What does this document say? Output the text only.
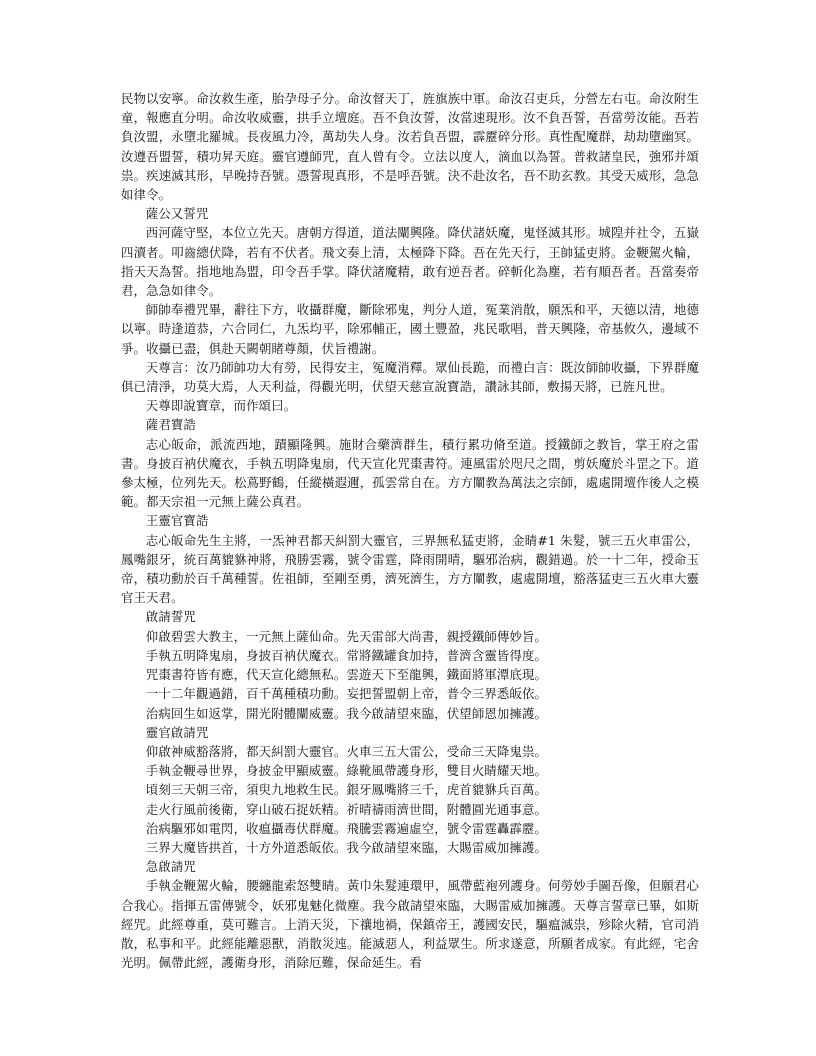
民物以安寧。命汝救生產，胎孕母子分。命汝督天丁，旌旗族中軍。命汝召吏兵，分營左右屯。命汝附生童，報應直分明。命汝收威靈，拱手立壇庭。吾不負汝誓，汝當速現形。汝不負吾誓，吾當勞汝能。吾若負汝盟，永墮北羅城。長夜風力冷，萬劫失人身。汝若負吾盟，霹靂碎分形。真性配魔群，劫劫墮幽冥。汝遵吾盟誓，積功昇天庭。靈官遵師咒，直人曾有令。立法以度人，滴血以為誓。普救諸皇民，強邪并頌祟。疾速滅其形，早晚持吾號。憑誓現真形，不是呼吾號。決不赴汝名，吾不助玄教。其受天威形，急急如律令。

薩公又誓咒

西河薩守堅，本位立先天。唐朝方得道，道法闡興隆。降伏諸妖魔，鬼怪滅其形。城隍并社令，五嶽四瀆者。叩齒總伏降，若有不伏者。飛文奏上清，太極降下降。吾在先天行，王帥猛吏將。金鞭駕火輪，指天天為誓。指地地為盟，印令吾手掌。降伏諸魔精，敢有逆吾者。碎斬化為塵，若有順吾者。吾當奏帝君，急急如律令。

師帥奉禮咒畢，辭往下方，收攝群魔，斷除邪鬼，判分人道，冤業消散，願炁和平，天德以清，地德以寧。時逢道恭，六合同仁，九炁均平，除邪輔正，國土豐盈，兆民歌唱，普天興隆，帝基攸久，邊域不爭。收攝已盡，俱赴天闕朝睹尊顏，伏旨禮謝。

天尊言：汝乃師帥功大有勞，民得安主，冤魔消釋。眾仙長跪，而禮白言：既汝師帥收攝，下界群魔俱已清淨，功莫大焉，人天利益，得觀光明，伏望天慈宣說寶誥，讚詠其師，敷揚天將，已旌凡世。

天尊即說寶章，而作頌曰。

薩君寶誥

志心皈命，派流西地，蹟顯隆興。施財合藥濟群生，積行累功脩至道。授鐵師之教旨，掌王府之雷書。身披百衲伏魔衣，手執五明降鬼扇，代天宣化咒棗書符。連風雷於咫尺之間，剪妖魔於斗罡之下。道參太極，位列先天。松蔦野鶴，任縱橫遐邇，孤雲常自在。方方闡教為萬法之宗師，處處開壇作後人之模範。都天宗祖一元無上薩公真君。

王靈官寶誥

志心皈命先生主將，一炁神君都天糾罰大靈官，三界無私猛吏將，金睛#1 朱髮，號三五火車雷公，鳳嘴銀牙，統百萬貔貅神將，飛勝雲霧，號令雷霆，降雨開晴，驅邪治病，觀錯過。於一十二年，授命玉帝，積功勳於百千萬種誓。佐祖師，至剛至勇，濟死濟生，方方闡教，處處開壇，豁落猛吏三五火車大靈官王天君。

啟請誓咒

仰啟碧雲大教主，一元無上薩仙命。先天雷部大尚書，親授鐵師傳妙旨。

手執五明降鬼扇，身披百衲伏魔衣。常將鐵罐食加持，普濟含靈皆得度。

咒棗書符皆有應，代天宣化總無私。雲遊天下至龍興，鐵面將軍潭底現。

一十二年觀過錯，百千萬種積功勳。妄把誓盟朝上帝，普令三界悉皈依。

治病回生如返掌，開光附體闡威靈。我今啟請望來臨，伏望師恩加擁護。

靈官啟請咒

仰啟神威豁落將，都天糾罰大靈官。火車三五大雷公，受命三天降鬼祟。

手執金鞭尋世界，身披金甲顯威靈。綠靴風帶護身形，雙目火睛耀天地。

頃刻三天朝三帝，須臾九地救生民。銀牙鳳嘴將三千，虎首貔貅兵百萬。

走火行風前後衛，穿山破石捉妖精。祈晴禱雨濟世間，附體圓光通事意。

治病驅邪如電閃，收瘟攝毒伏群魔。飛騰雲霧遍虛空，號令雷霆轟霹靂。

三界大魔皆拱首，十方外道悉皈依。我今啟請望來臨，大賜雷威加擁護。

急啟請咒

手執金鞭駕火輪，腰纏龍索怒雙睛。黃巾朱髮連環甲，風帶藍袍列護身。何勞妙手圖吾像，但願君心合我心。指揮五雷傳號令，妖邪鬼魅化微塵。我今啟請望來臨，大賜雷威加擁護。天尊言誓章已畢，如斯經咒。此經尊重，莫可難言。上消天災，下禳地禍，保鎮帝王，護國安民，驅瘟滅祟，殄除火精，官司消散，私事和平。此經能離惡獸，消散災迍。能滅惡人，利益眾生。所求遂意，所願者成家。有此經，宅舍光明。佩帶此經，護衛身形，消除厄難，保命延生。看
